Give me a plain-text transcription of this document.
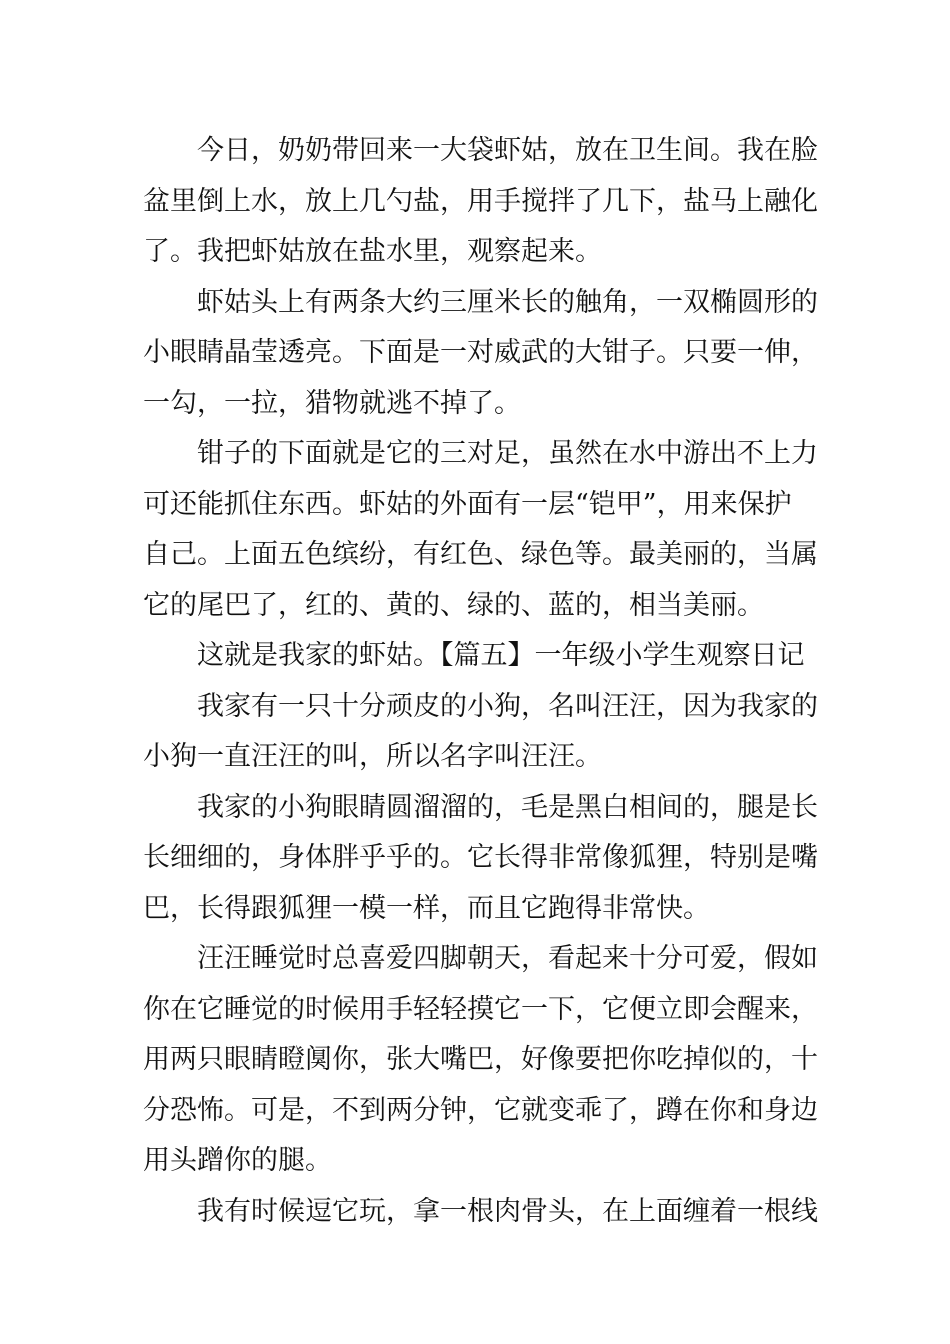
今日，奶奶带回来一大袋虾姑，放在卫生间。我在脸
盆里倒上水，放上几勺盐，用手搅拌了几下，盐马上融化
了。我把虾姑放在盐水里，观察起来。
虾姑头上有两条大约三厘米长的触角，一双椭圆形的
小眼睛晶莹透亮。下面是一对威武的大钳子。只要一伸，
一勾，一拉，猎物就逃不掉了。
钳子的下面就是它的三对足，虽然在水中游出不上力
可还能抓住东西。虾姑的外面有一层“铠甲”，用来保护
自己。上面五色缤纷，有红色、绿色等。最美丽的，当属
它的尾巴了，红的、黄的、绿的、蓝的，相当美丽。
这就是我家的虾姑。【篇五】一年级小学生观察日记
我家有一只十分顽皮的小狗，名叫汪汪，因为我家的
小狗一直汪汪的叫，所以名字叫汪汪。
我家的小狗眼睛圆溜溜的，毛是黑白相间的，腿是长
长细细的，身体胖乎乎的。它长得非常像狐狸，特别是嘴
巴，长得跟狐狸一模一样，而且它跑得非常快。
汪汪睡觉时总喜爱四脚朝天，看起来十分可爱，假如
你在它睡觉的时候用手轻轻摸它一下，它便立即会醒来，
用两只眼睛瞪阒你，张大嘴巴，好像要把你吃掉似的，十
分恐怖。可是，不到两分钟，它就变乖了，蹲在你和身边
用头蹭你的腿。
我有时候逗它玩，拿一根肉骨头，在上面缠着一根线
